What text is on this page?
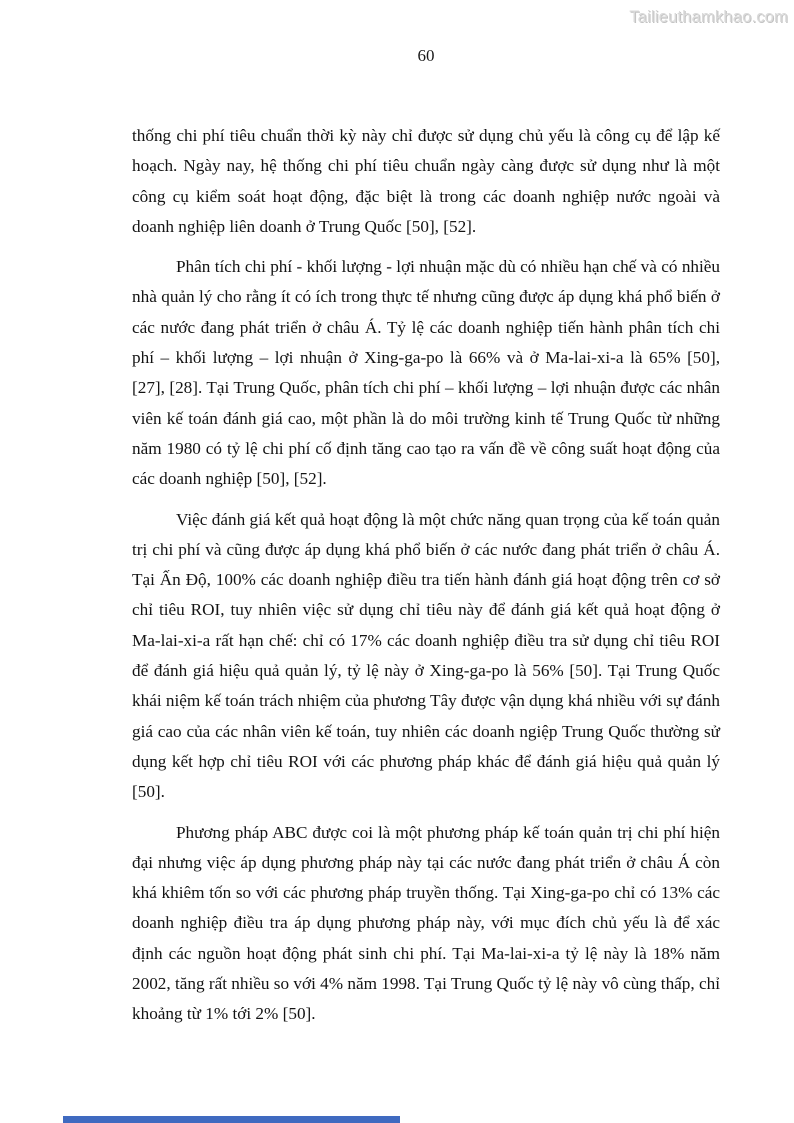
Tailieuthamkhao.com
60

thống chi phí tiêu chuẩn thời kỳ này chỉ được sử dụng chủ yếu là công cụ để lập kế hoạch. Ngày nay, hệ thống chi phí tiêu chuẩn ngày càng được sử dụng như là một công cụ kiểm soát hoạt động, đặc biệt là trong các doanh nghiệp nước ngoài và doanh nghiệp liên doanh ở Trung Quốc [50], [52].

Phân tích chi phí - khối lượng - lợi nhuận mặc dù có nhiều hạn chế và có nhiều nhà quản lý cho rằng ít có ích trong thực tế nhưng cũng được áp dụng khá phổ biến ở các nước đang phát triển ở châu Á. Tỷ lệ các doanh nghiệp tiến hành phân tích chi phí – khối lượng – lợi nhuận ở Xing-ga-po là 66% và ở Ma-lai-xi-a là 65% [50], [27], [28]. Tại Trung Quốc, phân tích chi phí – khối lượng – lợi nhuận được các nhân viên kế toán đánh giá cao, một phần là do môi trường kinh tế Trung Quốc từ những năm 1980 có tỷ lệ chi phí cố định tăng cao tạo ra vấn đề về công suất hoạt động của các doanh nghiệp [50], [52].

Việc đánh giá kết quả hoạt động là một chức năng quan trọng của kế toán quản trị chi phí và cũng được áp dụng khá phổ biến ở các nước đang phát triển ở châu Á. Tại Ấn Độ, 100% các doanh nghiệp điều tra tiến hành đánh giá hoạt động trên cơ sở chỉ tiêu ROI, tuy nhiên việc sử dụng chỉ tiêu này để đánh giá kết quả hoạt động ở Ma-lai-xi-a rất hạn chế: chỉ có 17% các doanh nghiệp điều tra sử dụng chỉ tiêu ROI để đánh giá hiệu quả quản lý, tỷ lệ này ở Xing-ga-po là 56% [50]. Tại Trung Quốc khái niệm kế toán trách nhiệm của phương Tây được vận dụng khá nhiều với sự đánh giá cao của các nhân viên kế toán, tuy nhiên các doanh ngiệp Trung Quốc thường sử dụng kết hợp chỉ tiêu ROI với các phương pháp khác để đánh giá hiệu quả quản lý [50].

Phương pháp ABC được coi là một phương pháp kế toán quản trị chi phí hiện đại nhưng việc áp dụng phương pháp này tại các nước đang phát triển ở châu Á còn khá khiêm tốn so với các phương pháp truyền thống. Tại Xing-ga-po chỉ có 13% các doanh nghiệp điều tra áp dụng phương pháp này, với mục đích chủ yếu là để xác định các nguồn hoạt động phát sinh chi phí. Tại Ma-lai-xi-a tỷ lệ này là 18% năm 2002, tăng rất nhiều so với 4% năm 1998. Tại Trung Quốc tỷ lệ này vô cùng thấp, chỉ khoảng từ 1% tới 2% [50].
